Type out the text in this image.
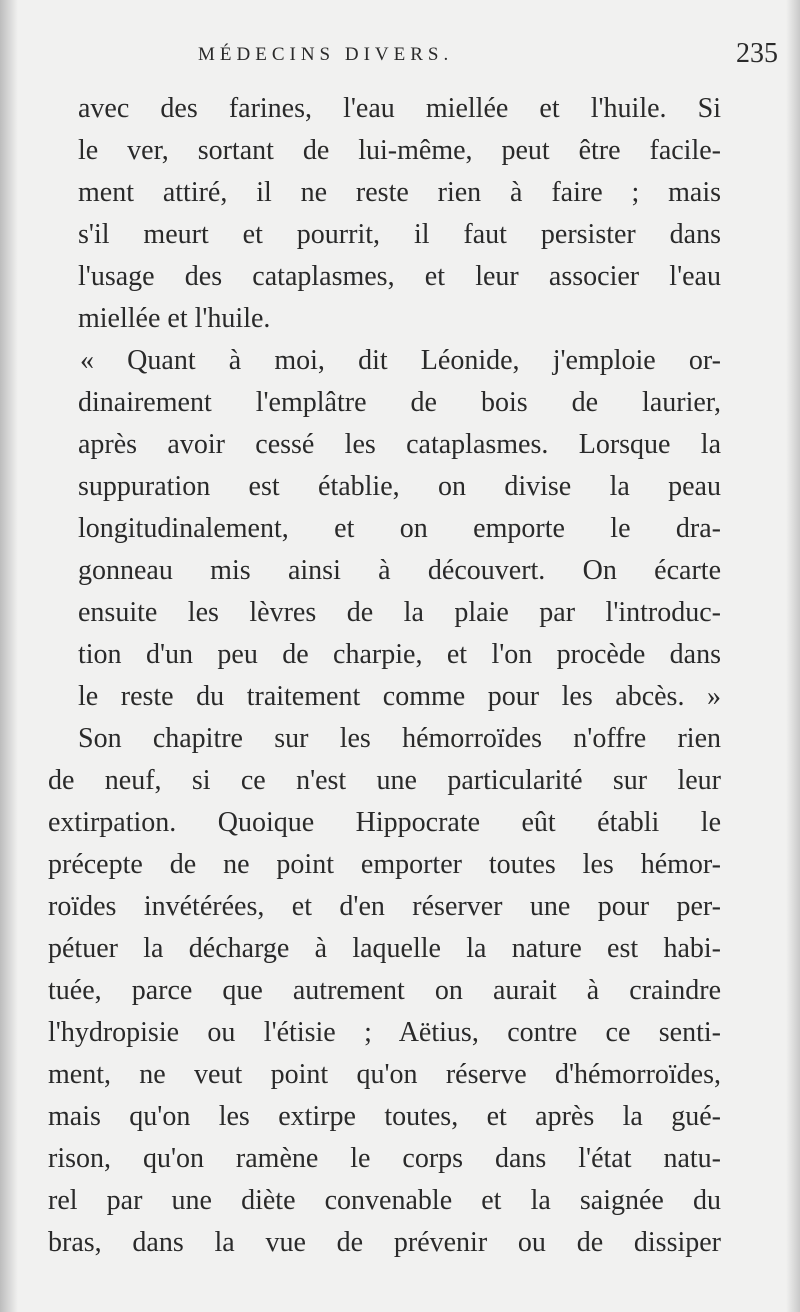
MÉDECINS DIVERS.	235
« avec des farines, l'eau miellée et l'huile. Si
« le ver, sortant de lui-même, peut être facile-
« ment attiré, il ne reste rien à faire ; mais
« s'il meurt et pourrit, il faut persister dans
« l'usage des cataplasmes, et leur associer l'eau
« miellée et l'huile.
« Quant à moi, dit Léonide, j'emploie or-
« dinairement l'emplâtre de bois de laurier,
« après avoir cessé les cataplasmes. Lorsque la
« suppuration est établie, on divise la peau
« longitudinalement, et on emporte le dra-
« gonneau mis ainsi à découvert. On écarte
« ensuite les lèvres de la plaie par l'introduc-
« tion d'un peu de charpie, et l'on procède dans
« le reste du traitement comme pour les abcès. »
Son chapitre sur les hémorroïdes n'offre rien
de neuf, si ce n'est une particularité sur leur
extirpation. Quoique Hippocrate eût établi le
précepte de ne point emporter toutes les hémor-
roïdes invétérées, et d'en réserver une pour per-
pétuer la décharge à laquelle la nature est habi-
tuée, parce que autrement on aurait à craindre
l'hydropisie ou l'étisie ; Aëtius, contre ce senti-
ment, ne veut point qu'on réserve d'hémorroïdes,
mais qu'on les extirpe toutes, et après la gué-
rison, qu'on ramène le corps dans l'état natu-
rel par une diète convenable et la saignée du
bras, dans la vue de prévenir ou de dissiper
